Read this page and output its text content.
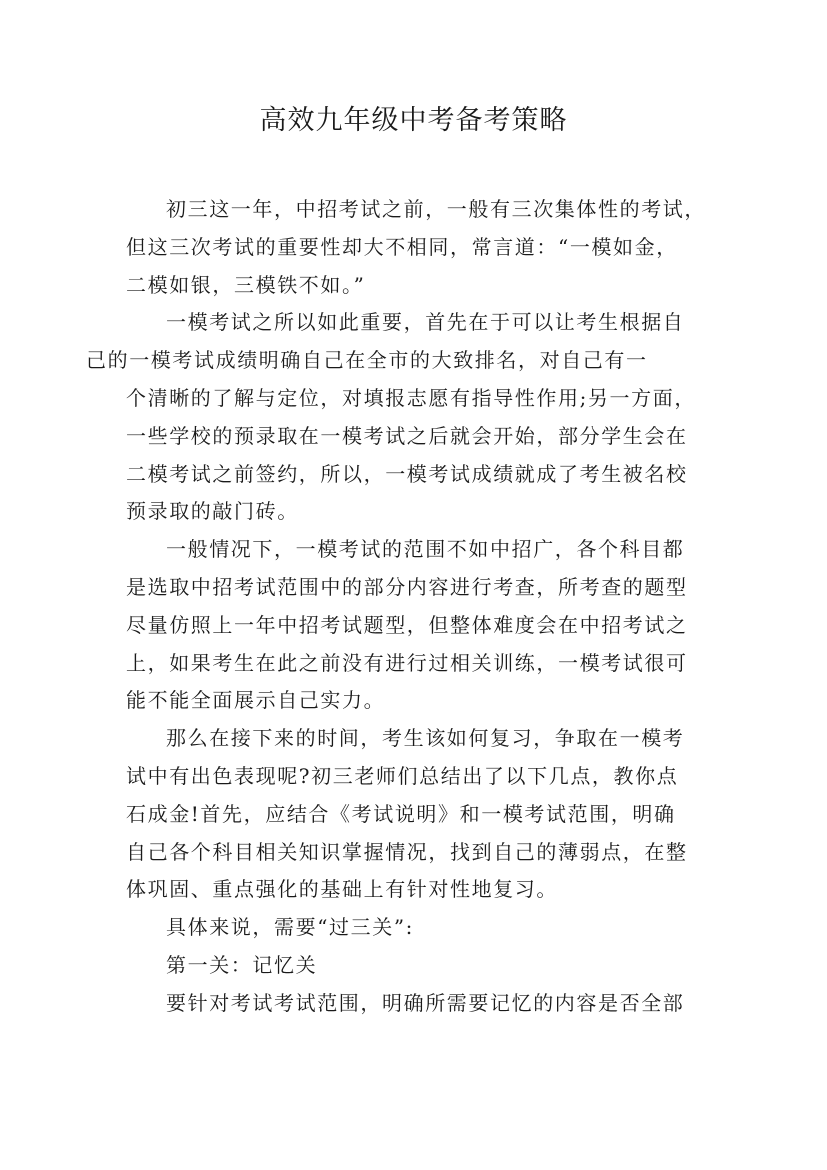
高效九年级中考备考策略

初三这一年，中招考试之前，一般有三次集体性的考试，
但这三次考试的重要性却大不相同，常言道：“一模如金，
二模如银，三模铁不如。”

一模考试之所以如此重要，首先在于可以让考生根据自
己的一模考试成绩明确自己在全市的大致排名，对自己有一
个清晰的了解与定位，对填报志愿有指导性作用;另一方面，
一些学校的预录取在一模考试之后就会开始，部分学生会在
二模考试之前签约，所以，一模考试成绩就成了考生被名校
预录取的敲门砖。

一般情况下，一模考试的范围不如中招广，各个科目都
是选取中招考试范围中的部分内容进行考查，所考查的题型
尽量仿照上一年中招考试题型，但整体难度会在中招考试之
上，如果考生在此之前没有进行过相关训练，一模考试很可
能不能全面展示自己实力。

那么在接下来的时间，考生该如何复习，争取在一模考
试中有出色表现呢?初三老师们总结出了以下几点，教你点
石成金!首先，应结合《考试说明》和一模考试范围，明确
自己各个科目相关知识掌握情况，找到自己的薄弱点，在整
体巩固、重点强化的基础上有针对性地复习。

具体来说，需要“过三关”:

第一关：记忆关

要针对考试考试范围，明确所需要记忆的内容是否全部
